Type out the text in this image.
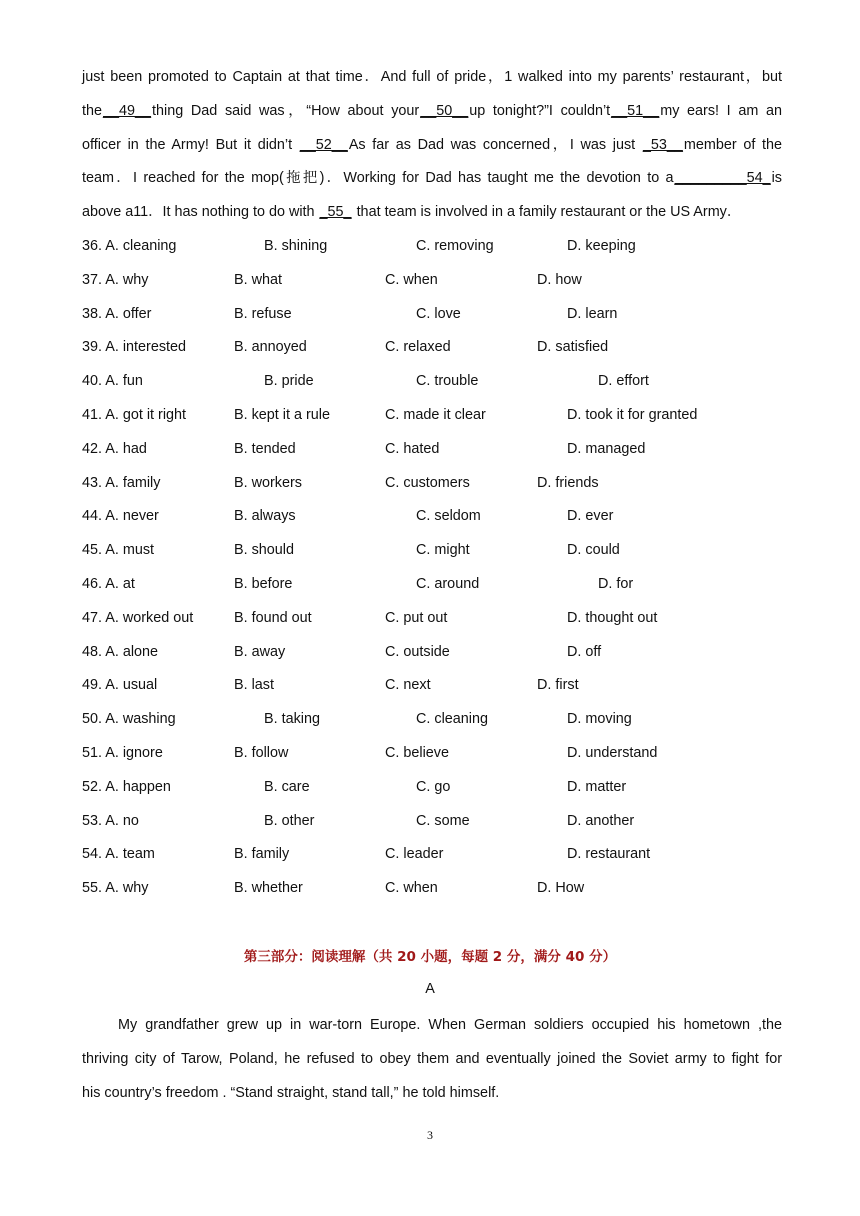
just been promoted to Captain at that time．And full of pride，1 walked into my parents’ restaurant，but
the__49__thing Dad said was，“How about your__50__up tonight?”I couldn’t__51__my ears! I am an
officer in the Army! But it didn’t __52__As far as Dad was concerned，I was just _53__member of the
team．I reached for the mop(拖把)．Working for Dad has taught me the devotion to a_________54_is
above a11．It has nothing to do with _55_ that team is involved in a family restaurant or the US Army．
36. A. cleaning	B. shining	C. removing	D. keeping
37. A. why	B. what	C. when	D. how
38. A. offer	B. refuse	C. love	D. learn
39. A. interested	B. annoyed	C. relaxed	D. satisfied
40. A. fun	B. pride	C. trouble	D. effort
41. A. got it right	B. kept it a rule	C. made it clear	D. took it for granted
42. A. had	B. tended	C. hated	D. managed
43. A. family	B. workers	C. customers	D. friends
44. A. never	B. always	C. seldom	D. ever
45. A. must	B. should	C. might	D. could
46. A. at	B. before	C. around	D. for
47. A. worked out	B. found out	C. put out	D. thought out
48. A. alone	B. away	C. outside	D. off
49. A. usual	B. last	C. next	D. first
50. A. washing	B. taking	C. cleaning	D. moving
51. A. ignore	B. follow	C. believe	D. understand
52. A. happen	B. care	C. go	D. matter
53. A. no	B. other	C. some	D. another
54. A. team	B. family	C. leader	D. restaurant
55. A. why	B. whether	C. when	D. How
第三部分：阅读理解（共 20 小题，每题 2 分，满分 40 分）
A
My grandfather grew up in war-torn Europe. When German soldiers occupied his hometown ,the
thriving city of Tarow, Poland, he refused to obey them and eventually joined the Soviet army to fight for
his country’s freedom . “Stand straight, stand tall,” he told himself.
3
